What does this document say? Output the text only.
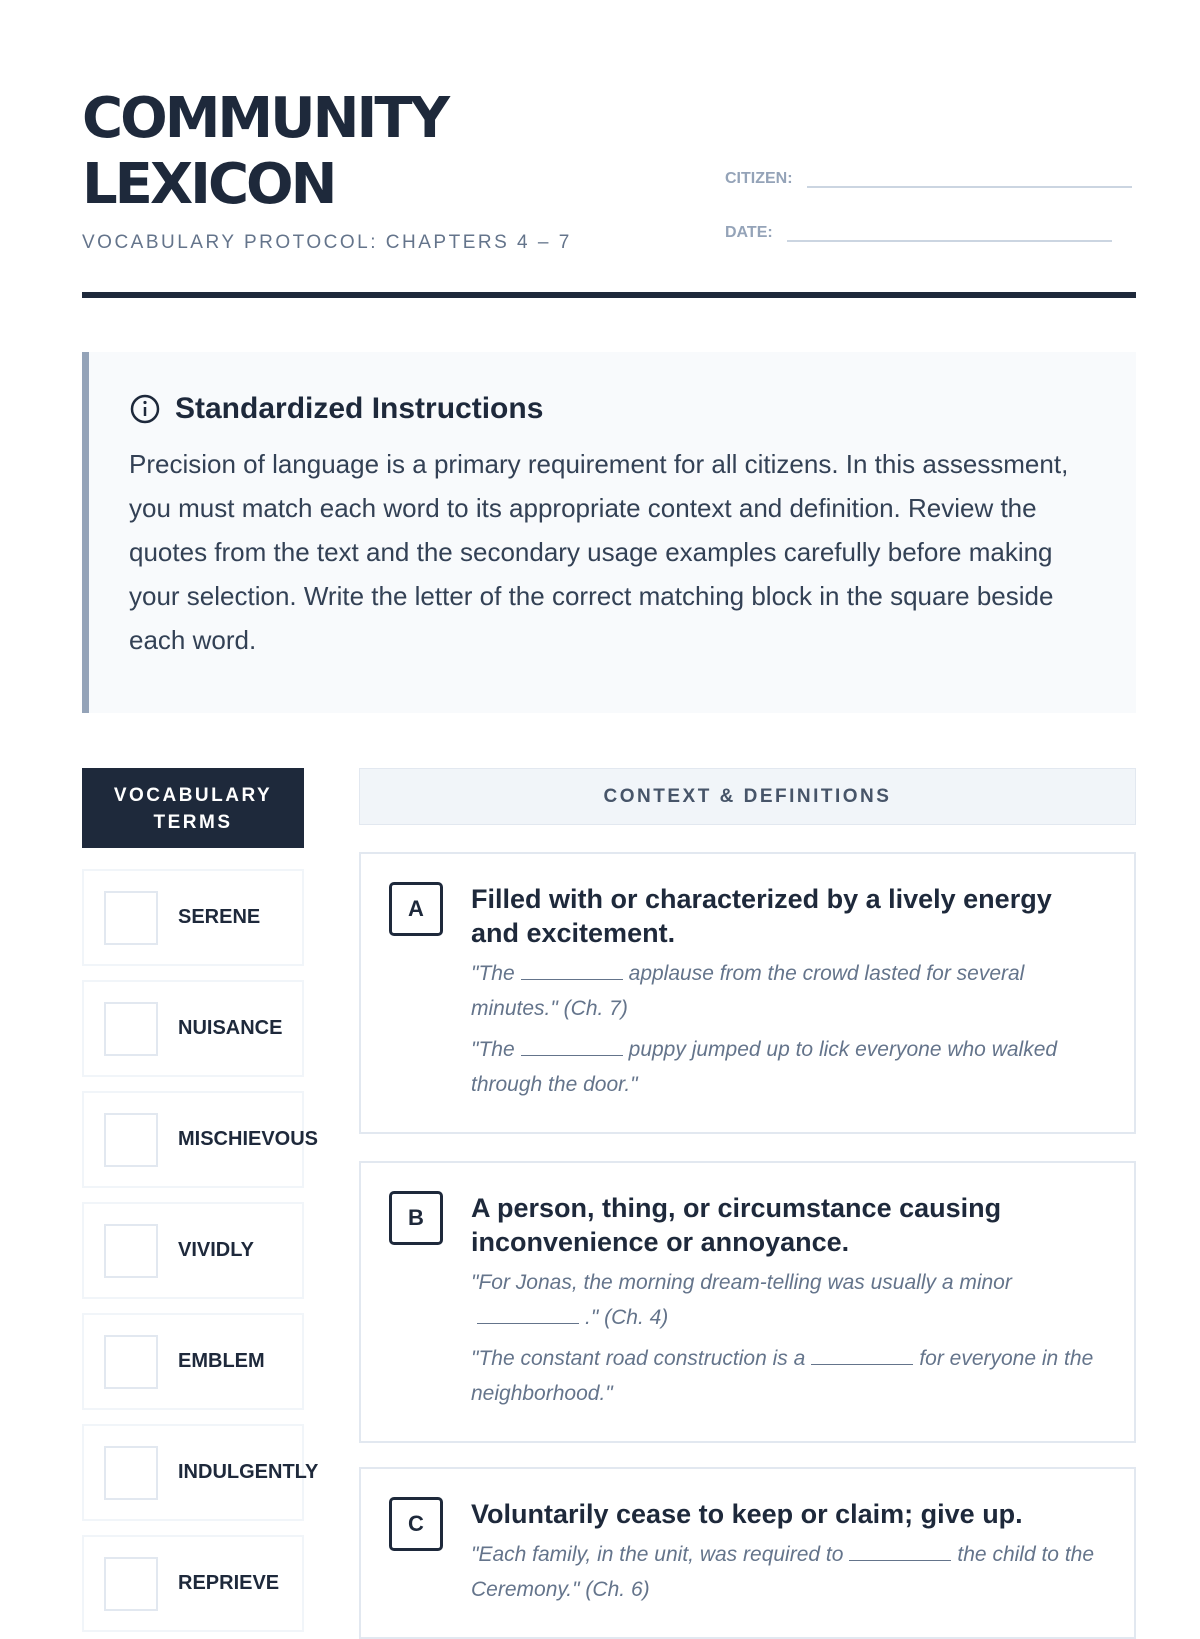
COMMUNITY
LEXICON
VOCABULARY PROTOCOL: CHAPTERS 4 – 7
CITIZEN:
DATE:
Standardized Instructions

Precision of language is a primary requirement for all citizens. In this assessment, you must match each word to its appropriate context and definition. Review the quotes from the text and the secondary usage examples carefully before making your selection. Write the letter of the correct matching block in the square beside each word.

VOCABULARY TERMS
CONTEXT & DEFINITIONS
SERENE
NUISANCE
MISCHIEVOUS
VIVIDLY
EMBLEM
INDULGENTLY
REPRIEVE
A	Filled with or characterized by a lively energy and excitement.
"The	applause from the crowd lasted for several minutes." (Ch. 7)
"The	puppy jumped up to lick everyone who walked through the door."
B	A person, thing, or circumstance causing inconvenience or annoyance.
"For Jonas, the morning dream-telling was usually a minor." (Ch. 4)
"The constant road construction is a	for everyone in the neighborhood."
C	Voluntarily cease to keep or claim; give up.
"Each family, in the unit, was required to	the child to the Ceremony." (Ch. 6)
